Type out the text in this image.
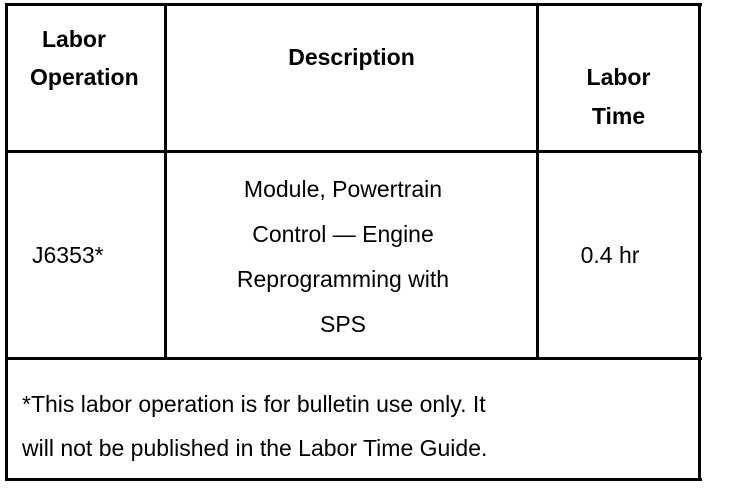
Labor
Operation
Description
Labor
Time
J6353*
Module, Powertrain
Control — Engine
Reprogramming with
SPS
0.4 hr
*This labor operation is for bulletin use only. It
will not be published in the Labor Time Guide.
